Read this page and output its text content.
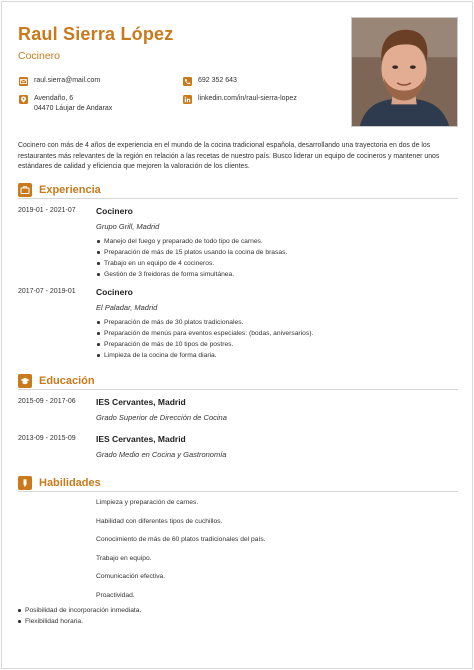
Raul Sierra López
Cocinero
raul.sierra@mail.com	692 352 643
Avendaño, 6
04470 Láujar de Andarax
linkedin.com/in/raul-sierra-lopez
Cocinero con más de 4 años de experiencia en el mundo de la cocina tradicional española, desarrollando una trayectoria en dos de los restaurantes más relevantes de la región en relación a las recetas de nuestro país. Busco liderar un equipo de cocineros y mantener unos estándares de calidad y eficiencia que mejoren la valoración de los clientes.
Experiencia
2019-01 - 2021-07 Cocinero
Grupo Grill, Madrid
Manejo del fuego y preparado de todo tipo de carnes.
Preparación de más de 15 platos usando la cocina de brasas.
Trabajo en un equipo de 4 cocineros.
Gestión de 3 freidoras de forma simultánea.
2017-07 - 2019-01 Cocinero
El Paladar, Madrid
Preparación de más de 30 platos tradicionales.
Preparación de menús para eventos especiales: (bodas, aniversarios).
Preparación de más de 10 tipos de postres.
Limpieza de la cocina de forma diaria.
Educación
2015-09 - 2017-06 IES Cervantes, Madrid
Grado Superior de Dirección de Cocina
2013-09 - 2015-09 IES Cervantes, Madrid
Grado Medio en Cocina y Gastronomía
Habilidades
Limpieza y preparación de carnes.
Habilidad con diferentes tipos de cuchillos.
Conocimiento de más de 60 platos tradicionales del país.
Trabajo en equipo.
Comunicación efectiva.
Proactividad.
Posibilidad de incorporación inmediata.
Flexibilidad horaria.
